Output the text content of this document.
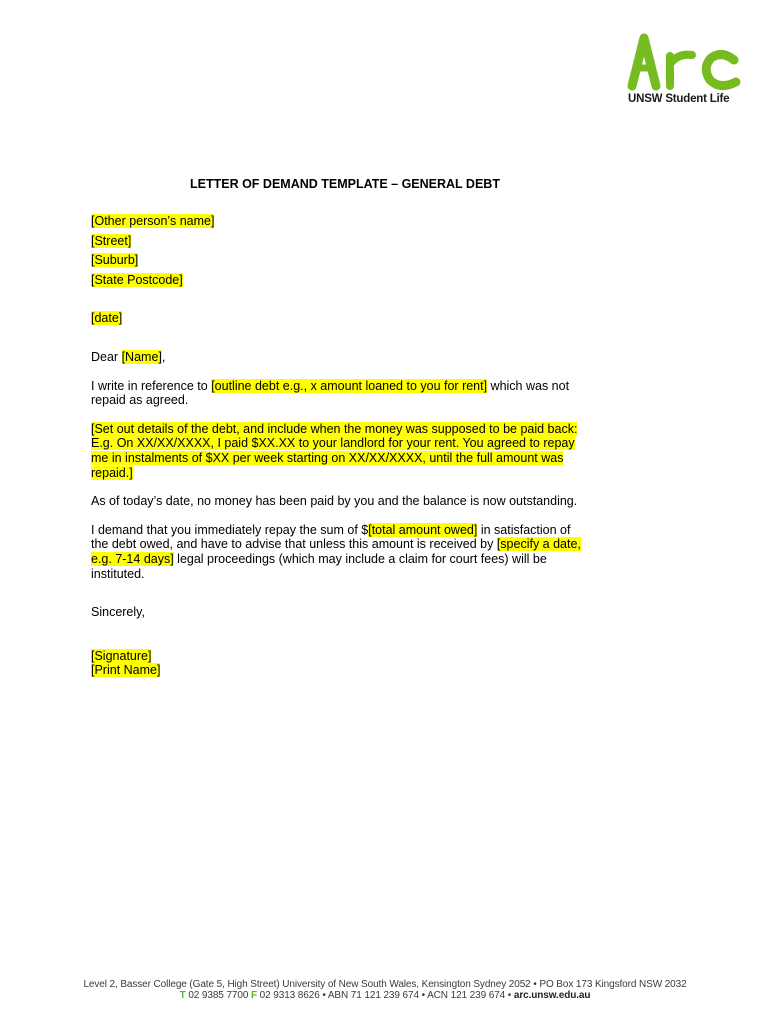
UNSW Student Life
LETTER OF DEMAND TEMPLATE – GENERAL DEBT
[Other person’s name]
[Street]
[Suburb]
[State Postcode]
[date]
Dear [Name],
I write in reference to [outline debt e.g., x amount loaned to you for rent] which was not
repaid as agreed.
[Set out details of the debt, and include when the money was supposed to be paid back:
E.g. On XX/XX/XXXX, I paid $XX.XX to your landlord for your rent. You agreed to repay
me in instalments of $XX per week starting on XX/XX/XXXX, until the full amount was
repaid.]
As of today’s date, no money has been paid by you and the balance is now outstanding.
I demand that you immediately repay the sum of $[total amount owed] in satisfaction of
the debt owed, and have to advise that unless this amount is received by [specify a date,
e.g. 7-14 days] legal proceedings (which may include a claim for court fees) will be
instituted.
Sincerely,
[Signature]
[Print Name]
Level 2, Basser College (Gate 5, High Street) University of New South Wales, Kensington Sydney 2052 • PO Box 173 Kingsford NSW 2032
T 02 9385 7700 F 02 9313 8626 • ABN 71 121 239 674 • ACN 121 239 674 • arc.unsw.edu.au
